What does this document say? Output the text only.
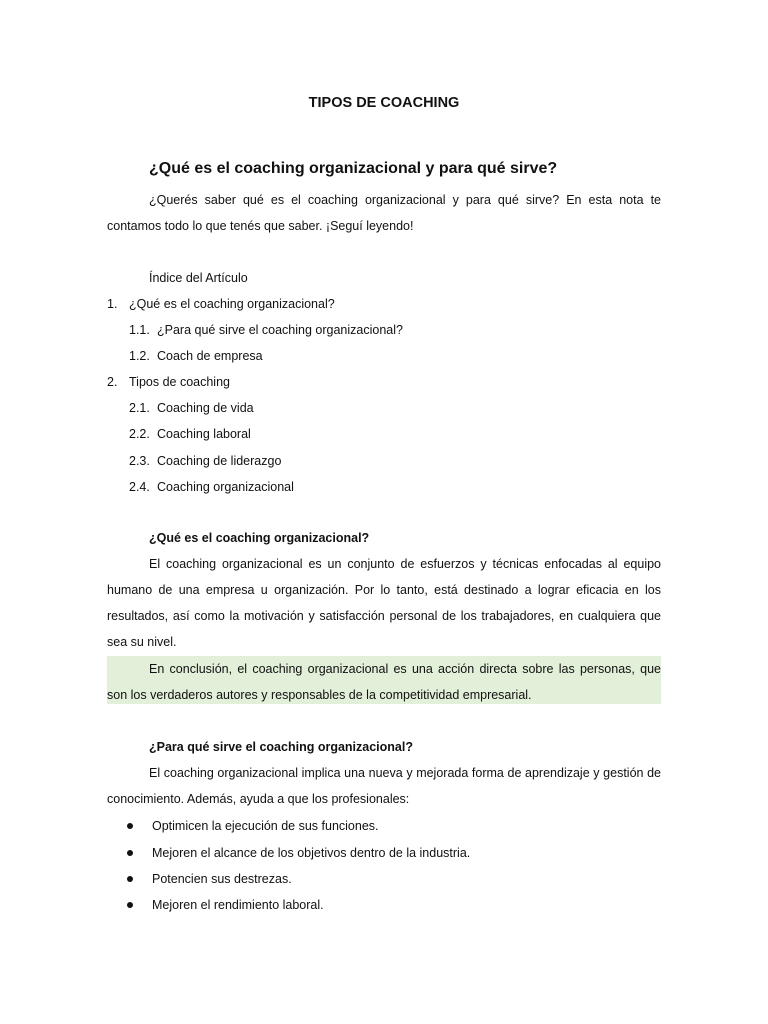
TIPOS DE COACHING
¿Qué es el coaching organizacional y para qué sirve?
¿Querés saber qué es el coaching organizacional y para qué sirve? En esta nota te contamos todo lo que tenés que saber. ¡Seguí leyendo!
Índice del Artículo
1. ¿Qué es el coaching organizacional?
1.1. ¿Para qué sirve el coaching organizacional?
1.2. Coach de empresa
2. Tipos de coaching
2.1. Coaching de vida
2.2. Coaching laboral
2.3. Coaching de liderazgo
2.4. Coaching organizacional
¿Qué es el coaching organizacional?
El coaching organizacional es un conjunto de esfuerzos y técnicas enfocadas al equipo humano de una empresa u organización. Por lo tanto, está destinado a lograr eficacia en los resultados, así como la motivación y satisfacción personal de los trabajadores, en cualquiera que sea su nivel.
En conclusión, el coaching organizacional es una acción directa sobre las personas, que son los verdaderos autores y responsables de la competitividad empresarial.
¿Para qué sirve el coaching organizacional?
El coaching organizacional implica una nueva y mejorada forma de aprendizaje y gestión de conocimiento. Además, ayuda a que los profesionales:
Optimicen la ejecución de sus funciones.
Mejoren el alcance de los objetivos dentro de la industria.
Potencien sus destrezas.
Mejoren el rendimiento laboral.
